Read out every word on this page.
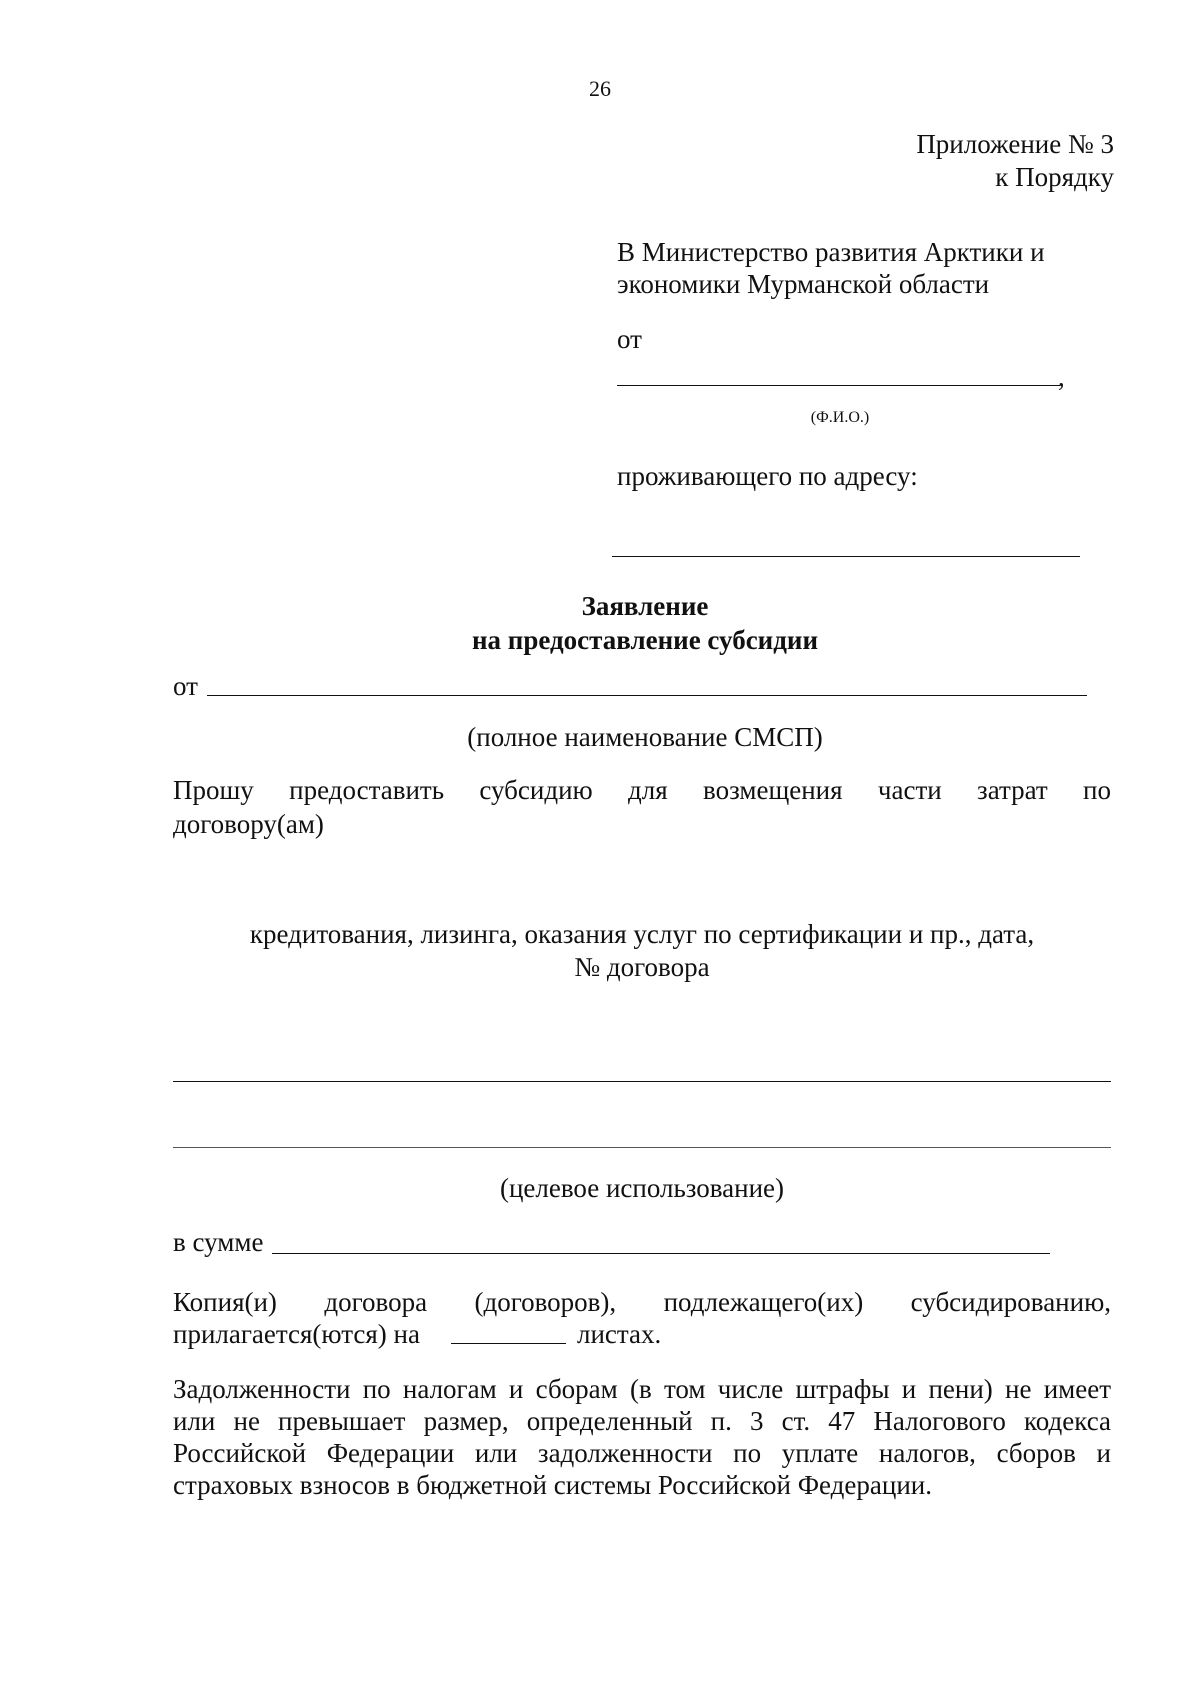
26
Приложение № 3
к Порядку
В Министерство развития Арктики и
экономики Мурманской области
от
,
(Ф.И.О.)
проживающего по адресу:
Заявление
на предоставление субсидии
от
(полное наименование СМСП)
Прошу предоставить субсидию для возмещения части затрат по
договору(ам)
кредитования, лизинга, оказания услуг по сертификации и пр., дата,
№ договора
(целевое использование)
в сумме
Копия(и) договора (договоров), подлежащего(их) субсидированию,
прилагается(ются) на	листах.
Задолженности по налогам и сборам (в том числе штрафы и пени) не имеет
или не превышает размер, определенный п. 3 ст. 47 Налогового кодекса
Российской Федерации или задолженности по уплате налогов, сборов и
страховых взносов в бюджетной системы Российской Федерации.
